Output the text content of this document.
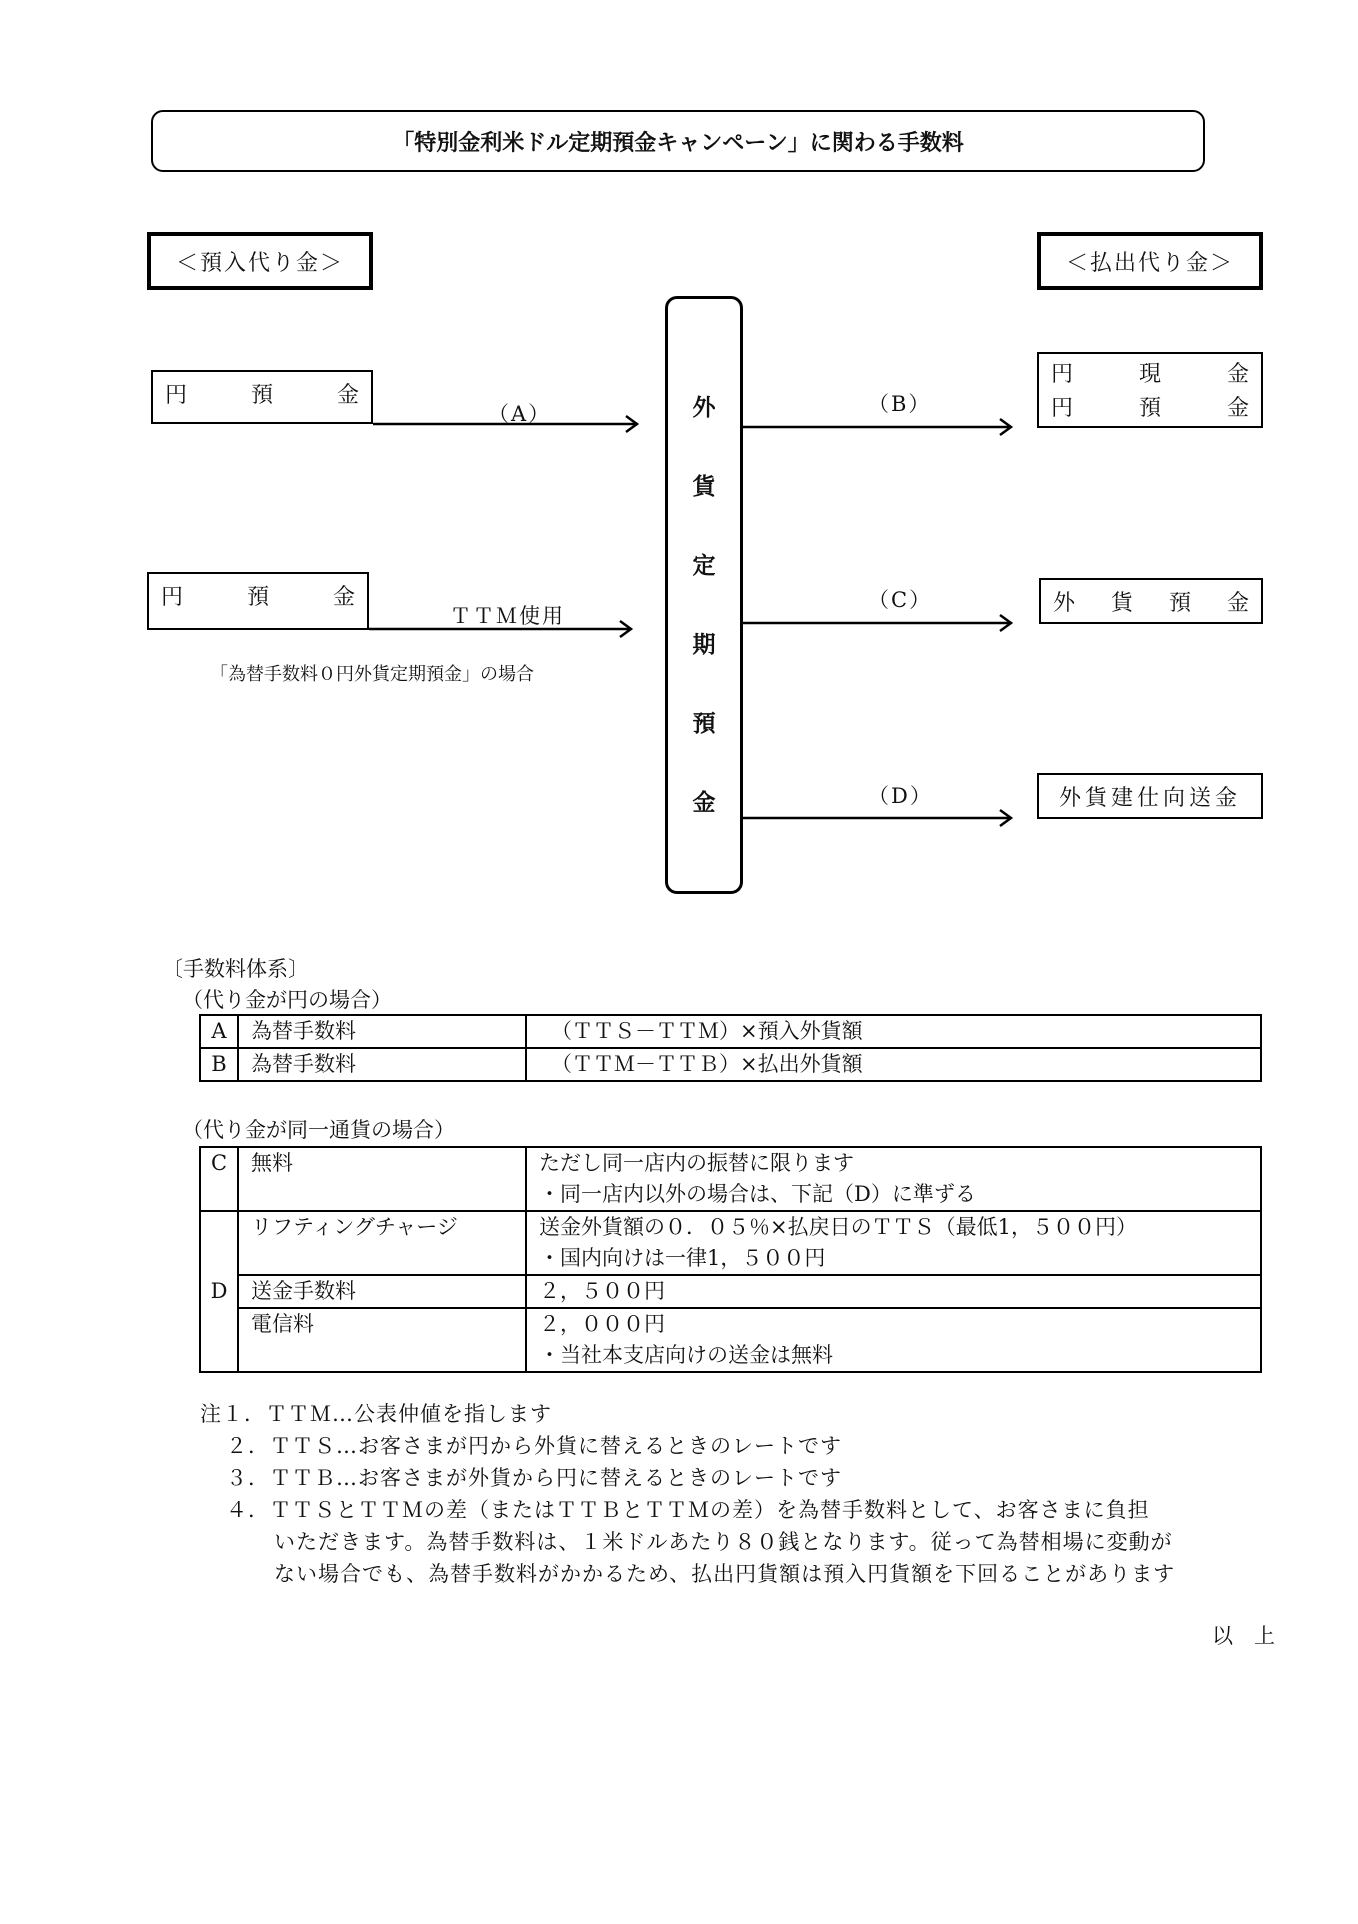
「特別金利米ドル定期預金キャンペーン」に関わる手数料
＜預入代り金＞	＜払出代り金＞
円	預	金
円	預	金
「為替手数料０円外貨定期預金」の場合
外
貨
定
期
預
金
（A）
ＴＴＭ使用
（B）
（C）
（D）
円	現	金
円	預	金
外 貨 預 金
外貨建仕向送金
〔手数料体系〕
（代り金が円の場合）
A	為替手数料	（ＴＴＳ－ＴＴＭ）×預入外貨額
B	為替手数料	（ＴＴＭ－ＴＴＢ）×払出外貨額
（代り金が同一通貨の場合）
C	無料	ただし同一店内の振替に限ります
・同一店内以外の場合は、下記（D）に準ずる

D	リフティングチャージ	送金外貨額の０．０５％×払戻日のＴＴＳ（最低1，５００円）
・国内向けは一律1，５００円

	送金手数料	２，５００円

	電信料	２，０００円
・当社本支店向けの送金は無料
注１．ＴＴＭ…公表仲値を指します
２．ＴＴＳ…お客さまが円から外貨に替えるときのレートです
３．ＴＴＢ…お客さまが外貨から円に替えるときのレートです
４．ＴＴＳとＴＴＭの差（またはＴＴＢとＴＴＭの差）を為替手数料として、お客さまに負担
いただきます。為替手数料は、１米ドルあたり８０銭となります。従って為替相場に変動が
ない場合でも、為替手数料がかかるため、払出円貨額は預入円貨額を下回ることがあります
以　上
